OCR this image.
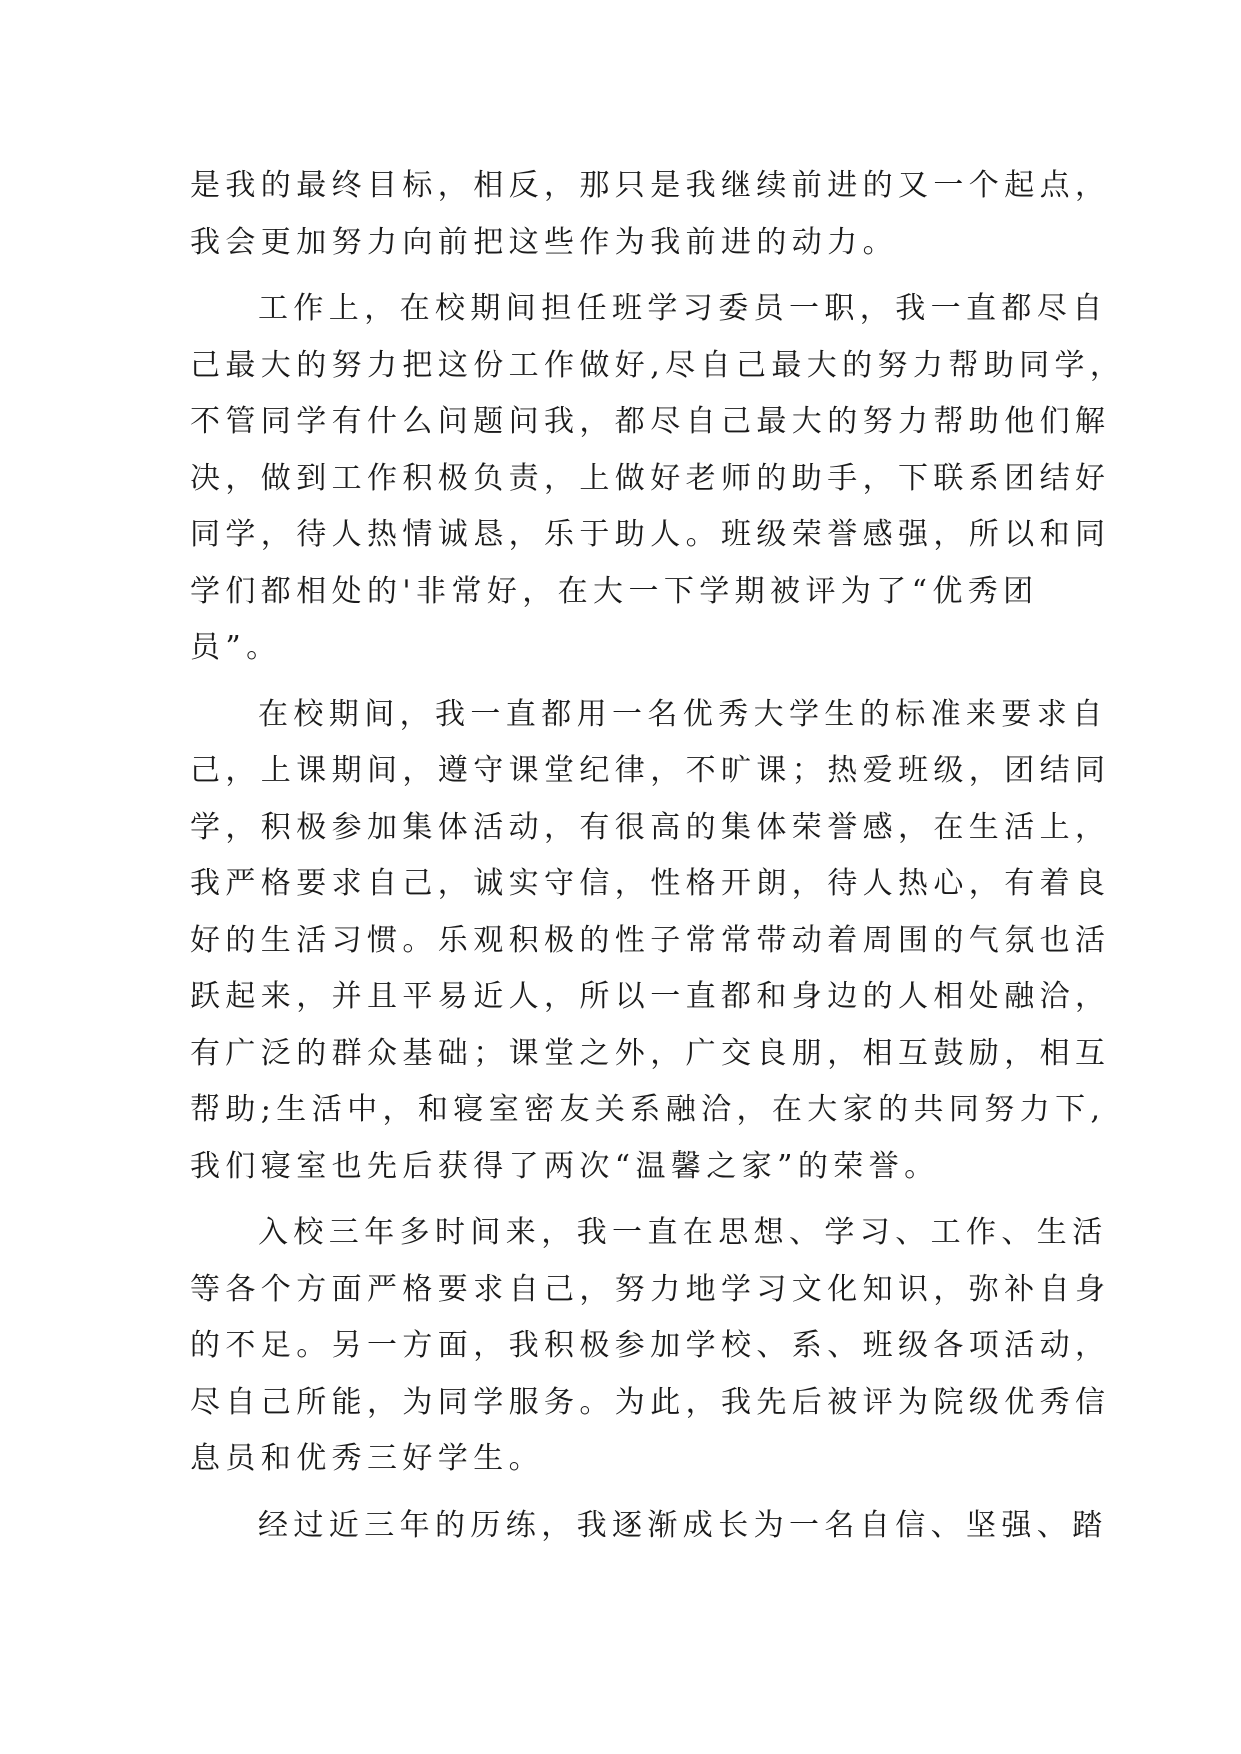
是我的最终目标，相反，那只是我继续前进的又一个起点，
我会更加努力向前把这些作为我前进的动力。
工作上，在校期间担任班学习委员一职，我一直都尽自
己最大的努力把这份工作做好,尽自己最大的努力帮助同学，
不管同学有什么问题问我，都尽自己最大的努力帮助他们解
决，做到工作积极负责，上做好老师的助手，下联系团结好
同学，待人热情诚恳，乐于助人。班级荣誉感强，所以和同
学们都相处的'非常好，在大一下学期被评为了“优秀团
员”。
在校期间，我一直都用一名优秀大学生的标准来要求自
己，上课期间，遵守课堂纪律，不旷课；热爱班级，团结同
学，积极参加集体活动，有很高的集体荣誉感，在生活上，
我严格要求自己，诚实守信，性格开朗，待人热心，有着良
好的生活习惯。乐观积极的性子常常带动着周围的气氛也活
跃起来，并且平易近人，所以一直都和身边的人相处融洽，
有广泛的群众基础；课堂之外，广交良朋，相互鼓励，相互
帮助;生活中，和寝室密友关系融洽，在大家的共同努力下,
我们寝室也先后获得了两次“温馨之家”的荣誉。
入校三年多时间来，我一直在思想、学习、工作、生活
等各个方面严格要求自己，努力地学习文化知识，弥补自身
的不足。另一方面，我积极参加学校、系、班级各项活动，
尽自己所能，为同学服务。为此，我先后被评为院级优秀信
息员和优秀三好学生。
经过近三年的历练，我逐渐成长为一名自信、坚强、踏
